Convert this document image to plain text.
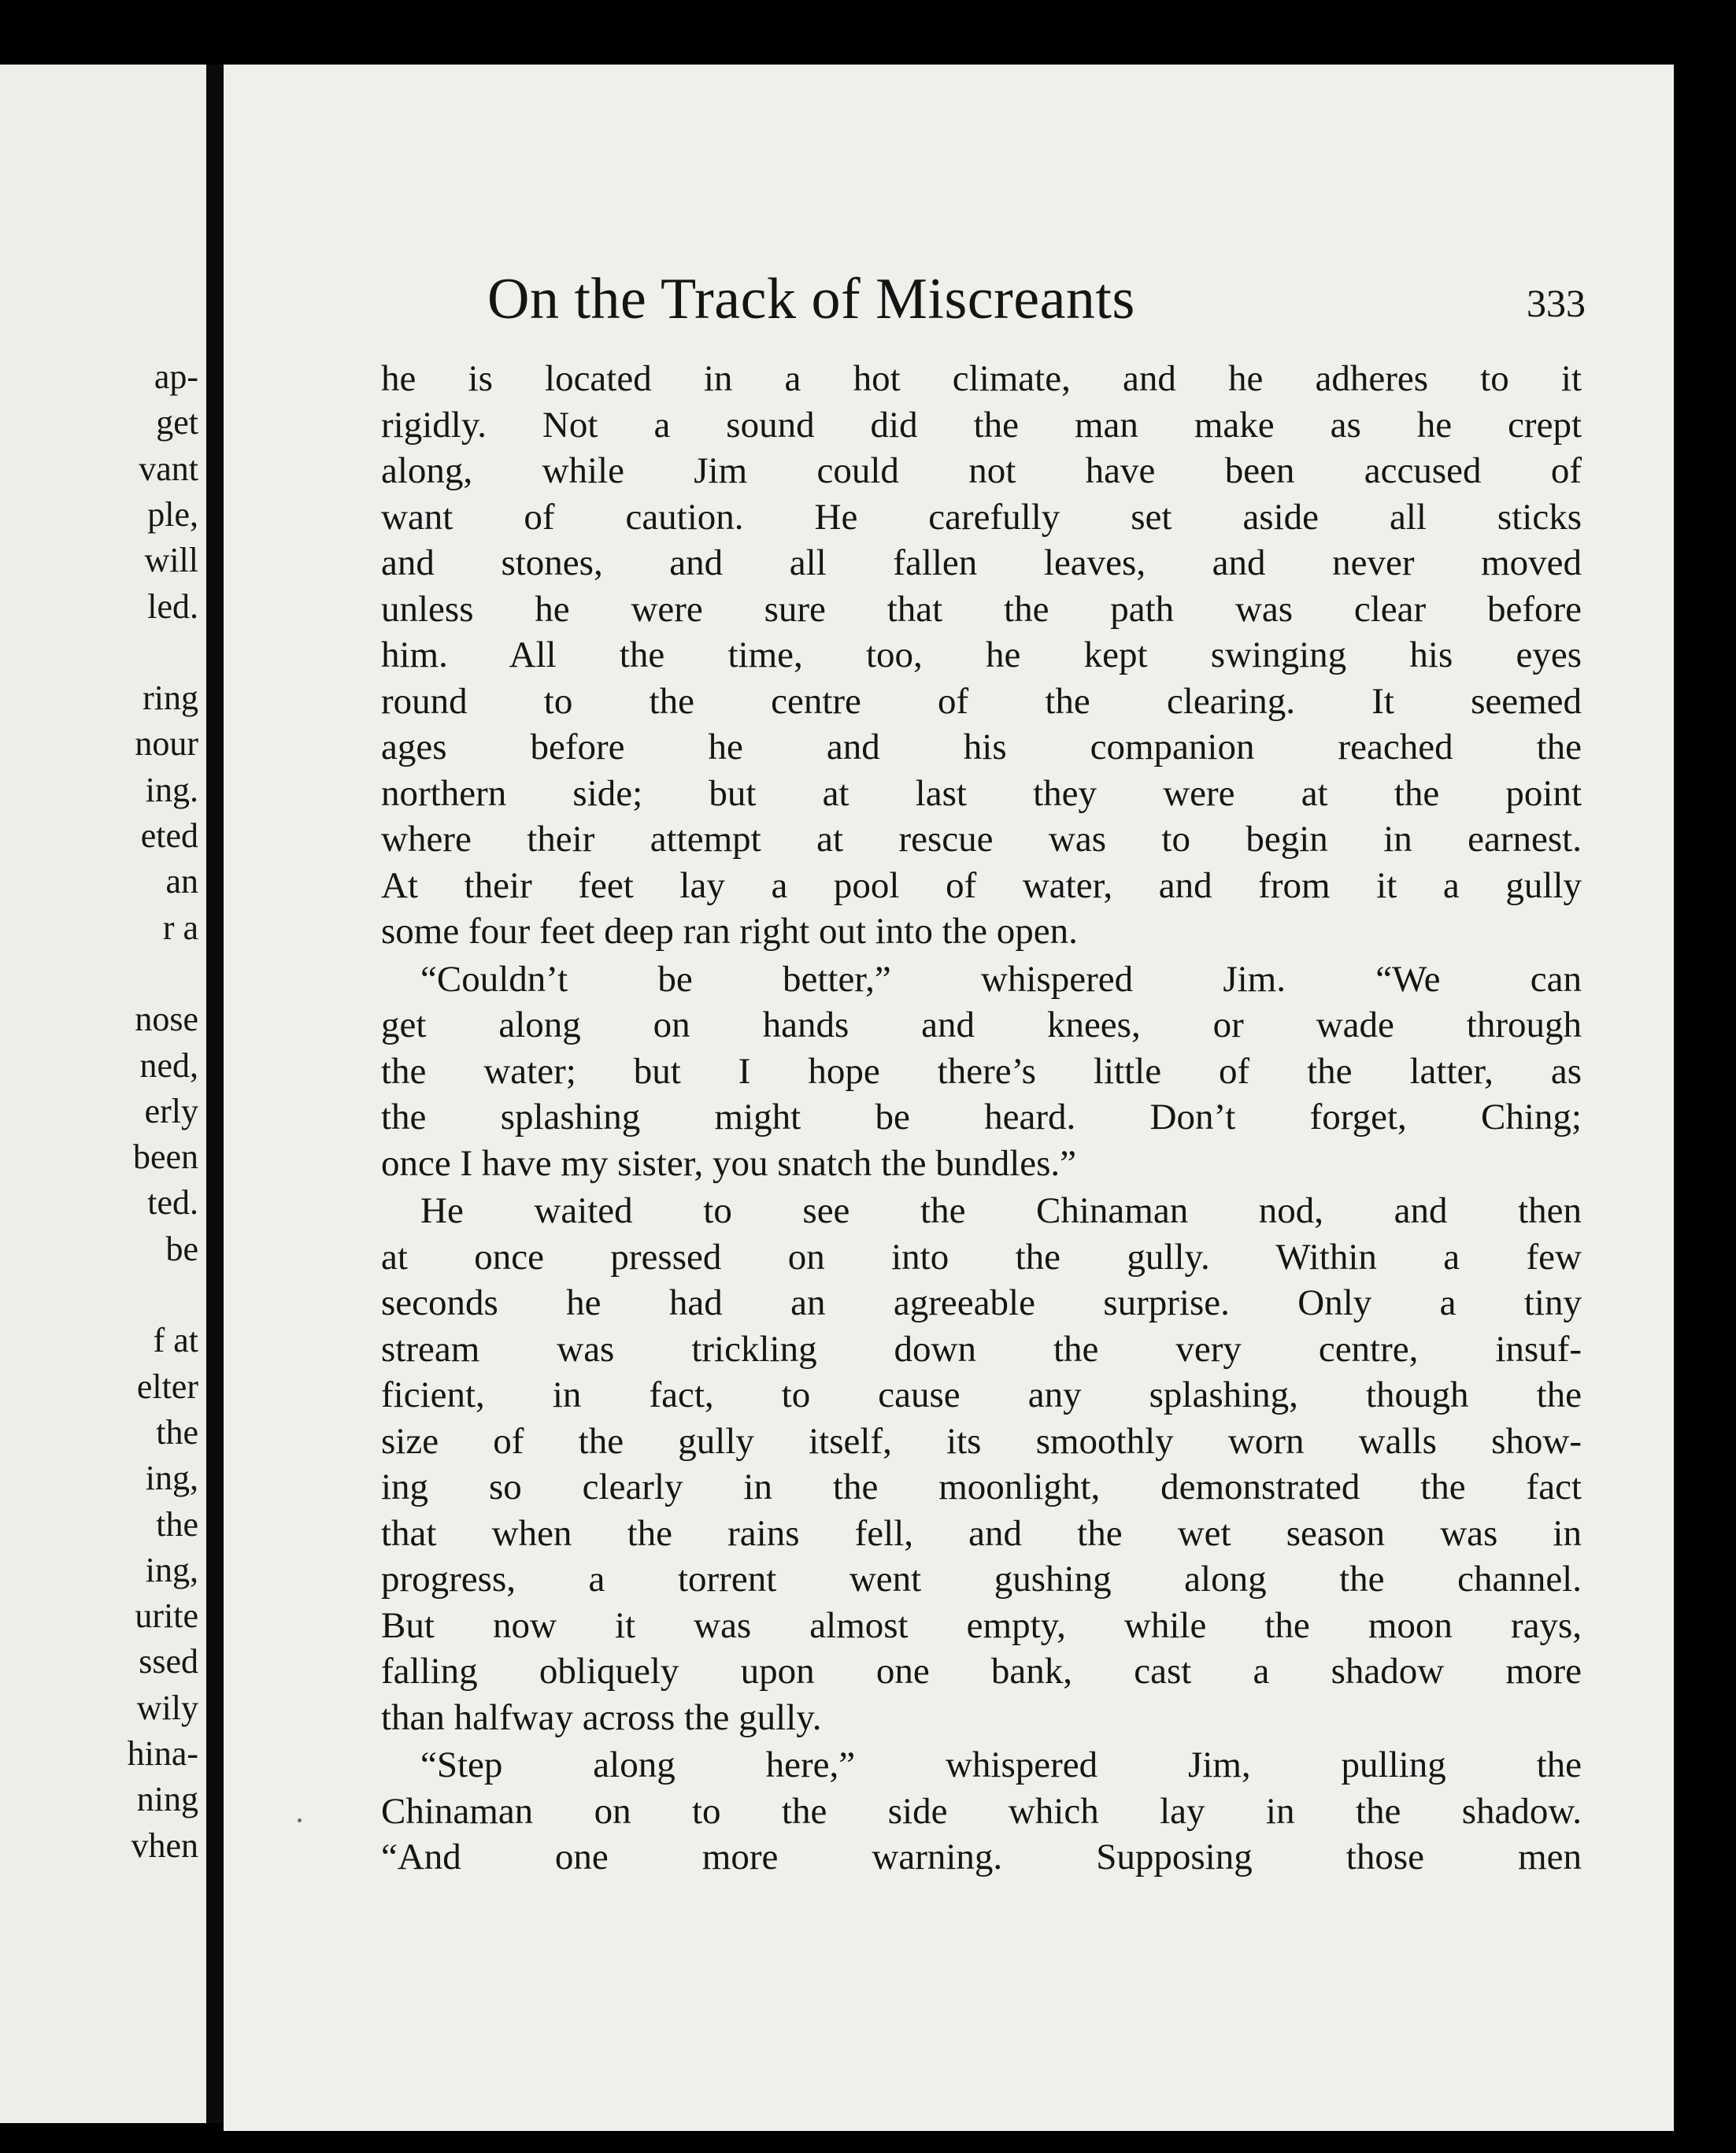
ap-

get

vant

ple,

will

led.

ring

nour

ing.

eted

an

r a

nose

ned,

erly

been

ted.

be

f at

elter

the

ing,

the

ing,

urite

ssed

wily

hina-

ning

vhen

On the Track of Miscreants	333
he is located in a hot climate, and he adheres to it
rigidly. Not a sound did the man make as he crept
along, while Jim could not have been accused of
want of caution. He carefully set aside all sticks
and stones, and all fallen leaves, and never moved
unless he were sure that the path was clear before
him. All the time, too, he kept swinging his eyes
round to the centre of the clearing. It seemed
ages before he and his companion reached the
northern side; but at last they were at the point
where their attempt at rescue was to begin in earnest.
At their feet lay a pool of water, and from it a gully
some four feet deep ran right out into the open.
“Couldn’t be better,” whispered Jim. “We can
get along on hands and knees, or wade through
the water; but I hope there’s little of the latter, as
the splashing might be heard. Don’t forget, Ching;
once I have my sister, you snatch the bundles.”
He waited to see the Chinaman nod, and then
at once pressed on into the gully. Within a few
seconds he had an agreeable surprise. Only a tiny
stream was trickling down the very centre, insuf-
ficient, in fact, to cause any splashing, though the
size of the gully itself, its smoothly worn walls show-
ing so clearly in the moonlight, demonstrated the fact
that when the rains fell, and the wet season was in
progress, a torrent went gushing along the channel.
But now it was almost empty, while the moon rays,
falling obliquely upon one bank, cast a shadow more
than halfway across the gully.
“Step along here,” whispered Jim, pulling the
Chinaman on to the side which lay in the shadow.
“And one more warning. Supposing those men
